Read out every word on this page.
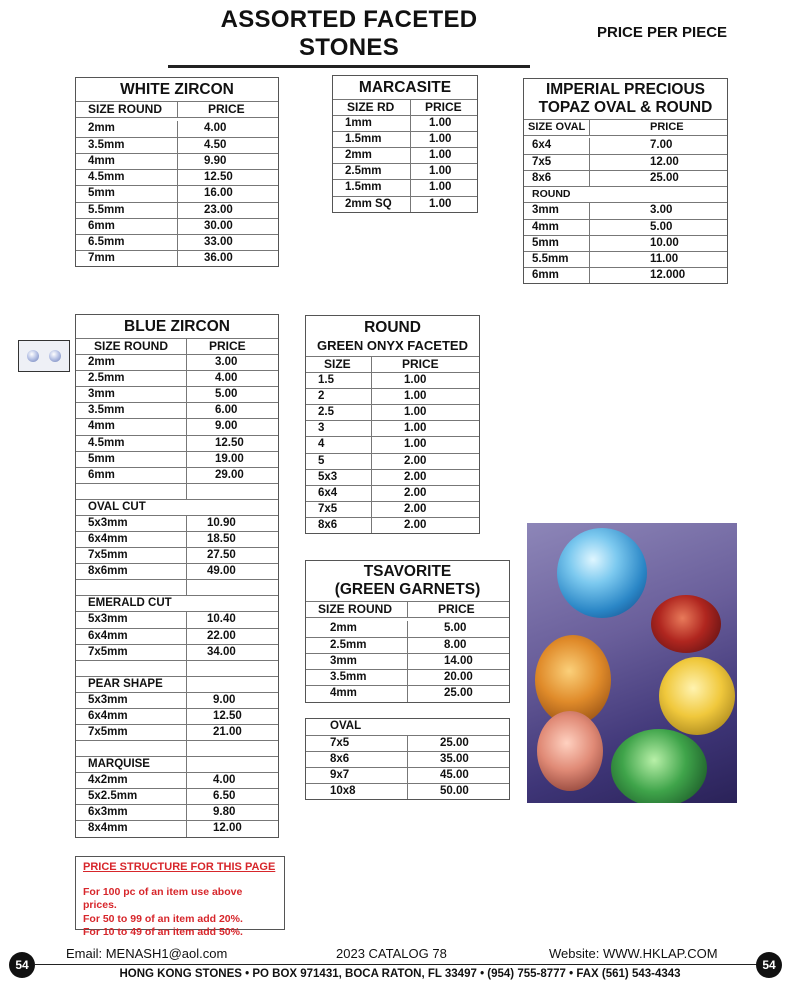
ASSORTED FACETED STONES
PRICE PER PIECE
WHITE ZIRCON
SIZE ROUND	PRICE
2mm	4.00
3.5mm	4.50
4mm	9.90
4.5mm	12.50
5mm	16.00
5.5mm	23.00
6mm	30.00
6.5mm	33.00
7mm	36.00
MARCASITE
SIZE RD	PRICE
1mm	1.00
1.5mm	1.00
2mm	1.00
2.5mm	1.00
1.5mm	1.00
2mm SQ	1.00
IMPERIAL PRECIOUS
TOPAZ OVAL & ROUND
SIZE OVAL	PRICE
6x4	7.00
7x5	12.00
8x6	25.00
ROUND
3mm	3.00
4mm	5.00
5mm	10.00
5.5mm	11.00
6mm	12.000
BLUE ZIRCON
SIZE ROUND	PRICE
2mm	3.00
2.5mm	4.00
3mm	5.00
3.5mm	6.00
4mm	9.00
4.5mm	12.50
5mm	19.00
6mm	29.00
OVAL CUT
5x3mm	10.90
6x4mm	18.50
7x5mm	27.50
8x6mm	49.00
EMERALD CUT
5x3mm	10.40
6x4mm	22.00
7x5mm	34.00
PEAR SHAPE
5x3mm	9.00
6x4mm	12.50
7x5mm	21.00
MARQUISE
4x2mm	4.00
5x2.5mm	6.50
6x3mm	9.80
8x4mm	12.00
ROUND
GREEN ONYX FACETED
SIZE	PRICE
1.5	1.00
2	1.00
2.5	1.00
3	1.00
4	1.00
5	2.00
5x3	2.00
6x4	2.00
7x5	2.00
8x6	2.00
TSAVORITE
(GREEN GARNETS)
SIZE ROUND	PRICE
2mm	5.00
2.5mm	8.00
3mm	14.00
3.5mm	20.00
4mm	25.00
OVAL
7x5	25.00
8x6	35.00
9x7	45.00
10x8	50.00
PRICE STRUCTURE FOR THIS PAGE
For 100 pc of an item use above prices.
For 50 to 99 of an item add 20%.
For 10 to 49 of an item add 50%.
54
Email: MENASH1@aol.com	2023 CATALOG 78	Website: WWW.HKLAP.COM
HONG KONG STONES • PO BOX 971431, BOCA RATON, FL 33497 • (954) 755-8777 • FAX (561) 543-4343
54
